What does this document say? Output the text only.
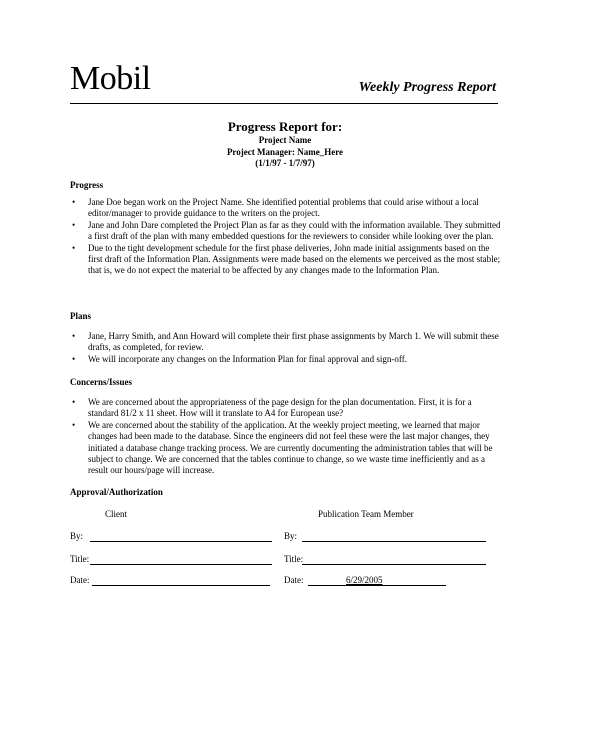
Mobil	Weekly Progress Report
Progress Report for:
Project Name
Project Manager: Name_Here
(1/1/97 - 1/7/97)
Progress
• Jane Doe began work on the Project Name. She identified potential problems that could arise without a local editor/manager to provide guidance to the writers on the project.
• Jane and John Dare completed the Project Plan as far as they could with the information available. They submitted a first draft of the plan with many embedded questions for the reviewers to consider while looking over the plan.
• Due to the tight development schedule for the first phase deliveries, John made initial assignments based on the first draft of the Information Plan. Assignments were made based on the elements we perceived as the most stable; that is, we do not expect the material to be affected by any changes made to the Information Plan.
Plans
• Jane, Harry Smith, and Ann Howard will complete their first phase assignments by March 1. We will submit these drafts, as completed, for review.
• We will incorporate any changes on the Information Plan for final approval and sign-off.
Concerns/Issues
• We are concerned about the appropriateness of the page design for the plan documentation. First, it is for a standard 81/2 x 11 sheet. How will it translate to A4 for European use?
• We are concerned about the stability of the application. At the weekly project meeting, we learned that major changes had been made to the database. Since the engineers did not feel these were the last major changes, they initiated a database change tracking process. We are currently documenting the administration tables that will be subject to change. We are concerned that the tables continue to change, so we waste time inefficiently and as a result our hours/page will increase.
Approval/Authorization
Client	Publication Team Member
By:	By:
Title:	Title:
Date:	Date:	6/29/2005
